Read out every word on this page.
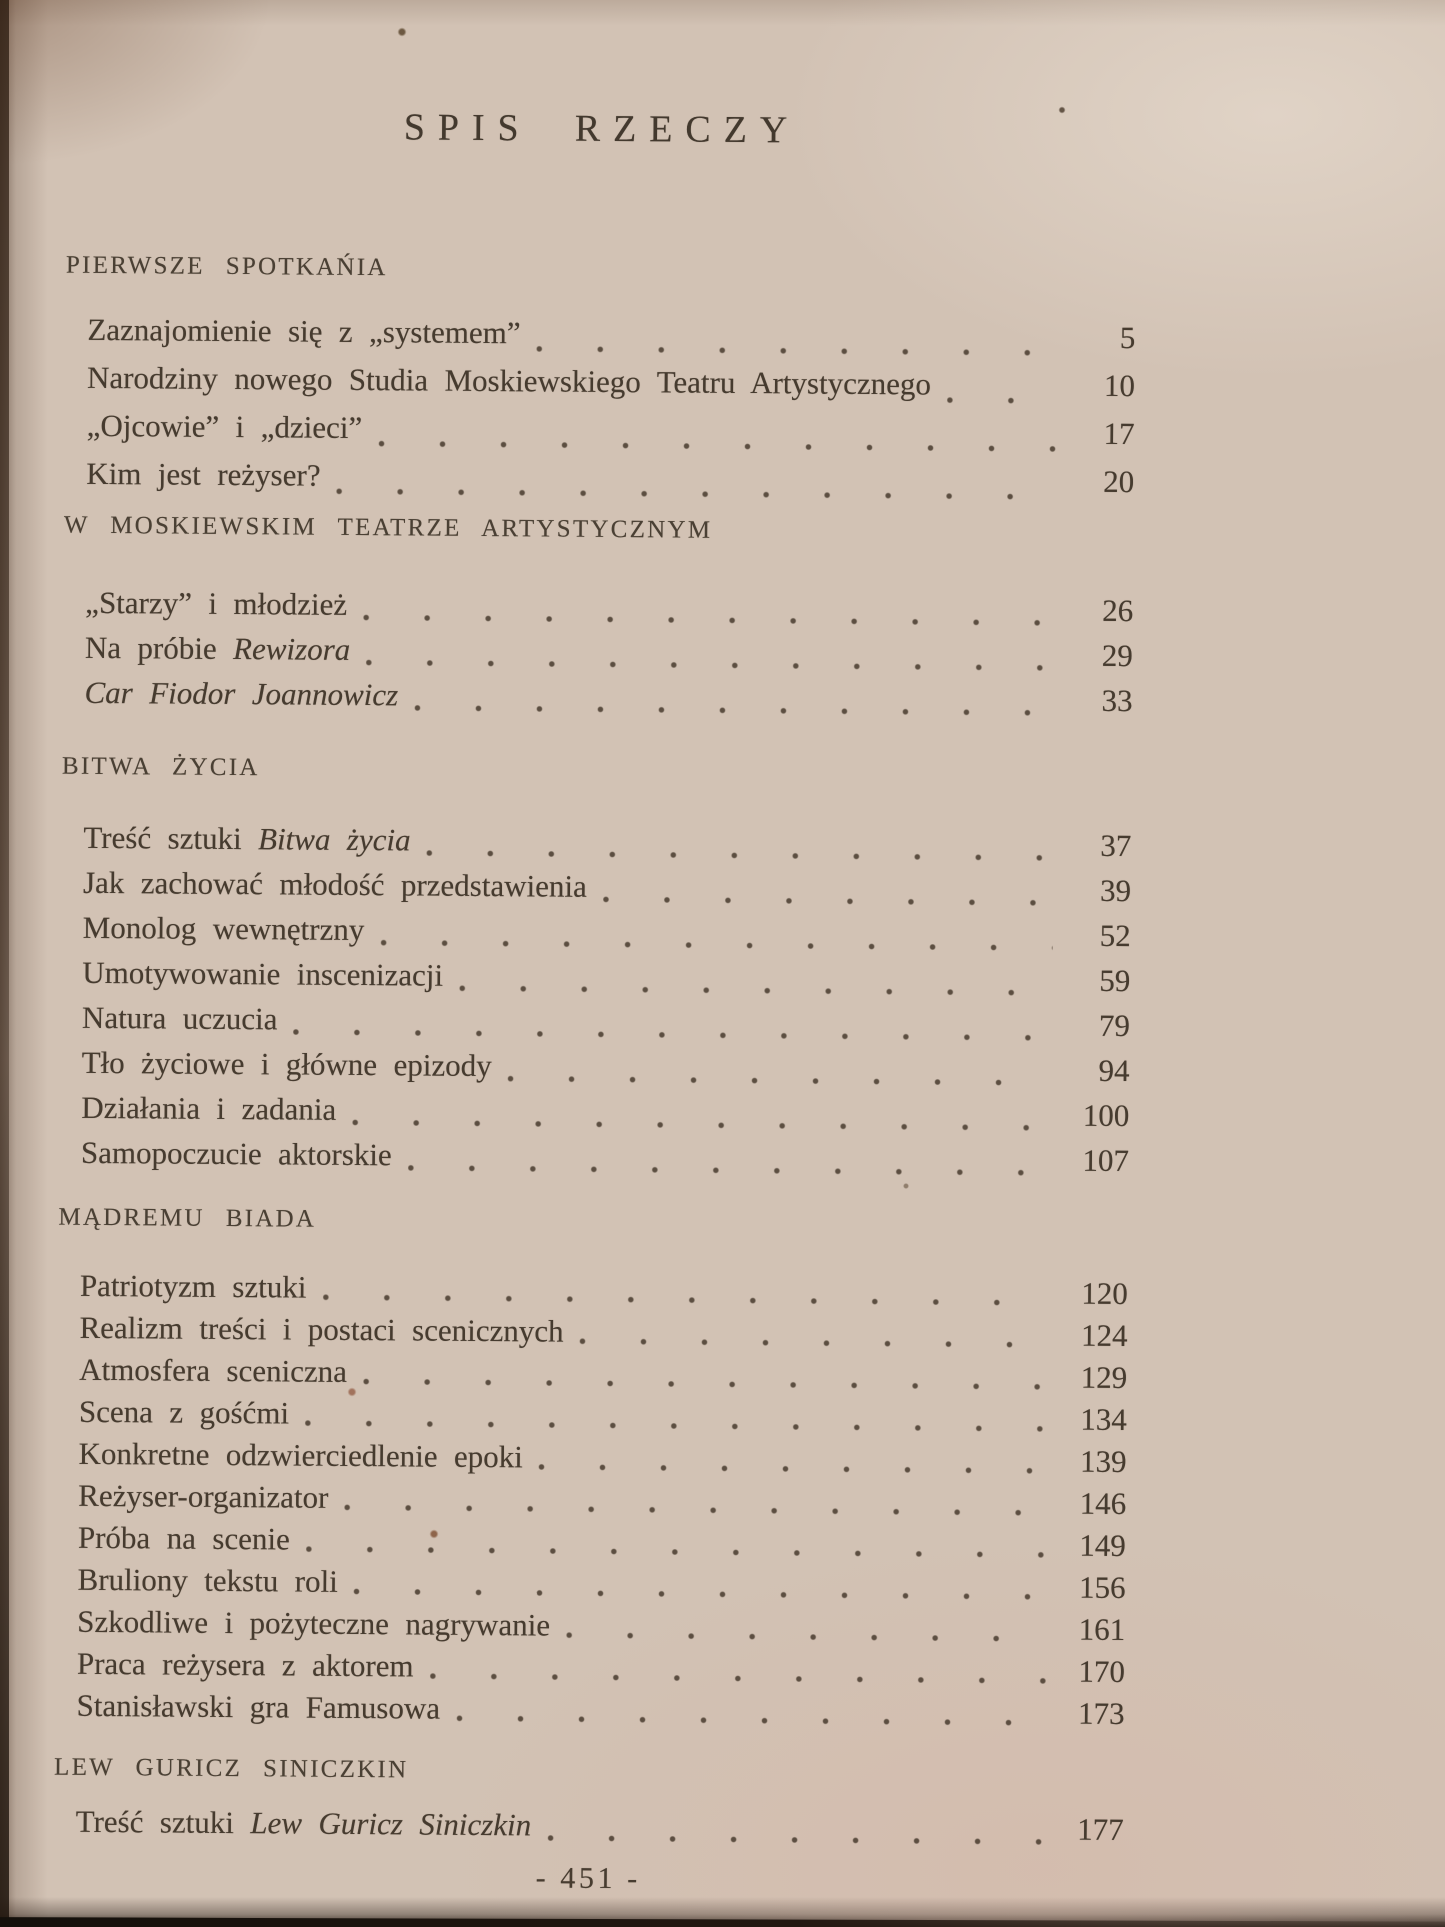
SPIS RZECZY
PIERWSZE SPOTKAŃIA
Zaznajomienie się z „systemem”	5
Narodziny nowego Studia Moskiewskiego Teatru Artystycznego	10
„Ojcowie” i „dzieci”	17
Kim jest reżyser?	20
W MOSKIEWSKIM TEATRZE ARTYSTYCZNYM
„Starzy” i młodzież	26
Na próbie Rewizora	29
Car Fiodor Joannowicz	33
BITWA ŻYCIA
Treść sztuki Bitwa życia	37
Jak zachować młodość przedstawienia	39
Monolog wewnętrzny	52
Umotywowanie inscenizacji	59
Natura uczucia	79
Tło życiowe i główne epizody	94
Działania i zadania	100
Samopoczucie aktorskie	107
MĄDREMU BIADA
Patriotyzm sztuki	120
Realizm treści i postaci scenicznych	124
Atmosfera sceniczna	129
Scena z gośćmi	134
Konkretne odzwierciedlenie epoki	139
Reżyser-organizator	146
Próba na scenie	149
Bruliony tekstu roli	156
Szkodliwe i pożyteczne nagrywanie	161
Praca reżysera z aktorem	170
Stanisławski gra Famusowa	173
LEW GURICZ SINICZKIN
Treść sztuki Lew Guricz Siniczkin	177
- 451 -
